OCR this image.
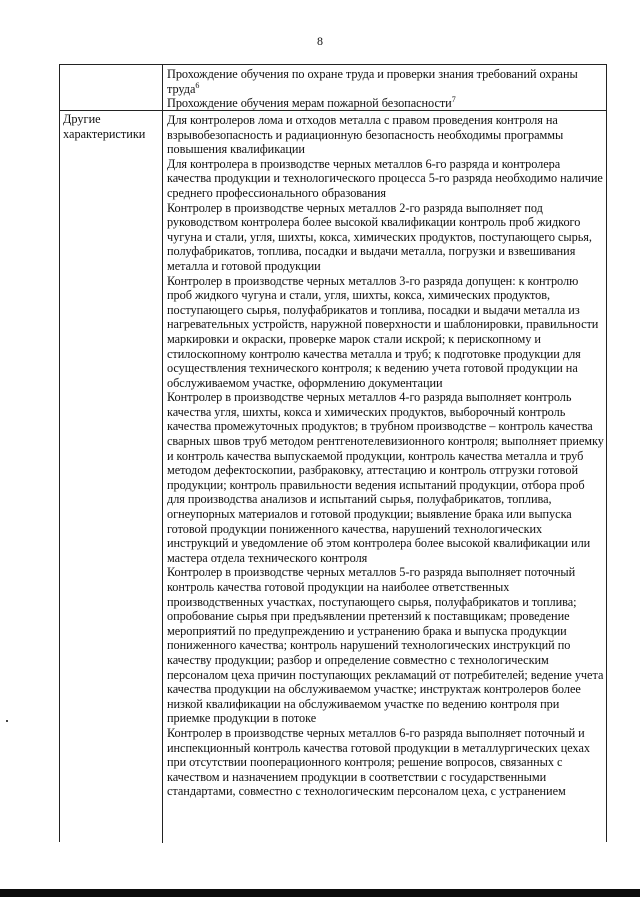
8

Прохождение обучения по охране труда и проверки знания требований охраны труда$^6$

Прохождение обучения мерам пожарной безопасности$^7$

Другие характеристики

Для контролеров лома и отходов металла с правом проведения контроля на взрывобезопасность и радиационную безопасность необходимы программы повышения квалификации

Для контролера в производстве черных металлов 6-го разряда и контролера качества продукции и технологического процесса 5-го разряда необходимо наличие среднего профессионального образования

Контролер в производстве черных металлов 2-го разряда выполняет под руководством контролера более высокой квалификации контроль проб жидкого чугуна и стали, угля, шихты, кокса, химических продуктов, поступающего сырья, полуфабрикатов, топлива, посадки и выдачи металла, погрузки и взвешивания металла и готовой продукции

Контролер в производстве черных металлов 3-го разряда допущен: к контролю проб жидкого чугуна и стали, угля, шихты, кокса, химических продуктов, поступающего сырья, полуфабрикатов и топлива, посадки и выдачи металла из нагревательных устройств, наружной поверхности и шаблонировки, правильности маркировки и окраски, проверке марок стали искрой; к перископному и стилоскопному контролю качества металла и труб; к подготовке продукции для осуществления технического контроля; к ведению учета готовой продукции на обслуживаемом участке, оформлению документации

Контролер в производстве черных металлов 4-го разряда выполняет контроль качества угля, шихты, кокса и химических продуктов, выборочный контроль качества промежуточных продуктов; в трубном производстве – контроль качества сварных швов труб методом рентгенотелевизионного контроля; выполняет приемку и контроль качества выпускаемой продукции, контроль качества металла и труб методом дефектоскопии, разбраковку, аттестацию и контроль отгрузки готовой продукции; контроль правильности ведения испытаний продукции, отбора проб для производства анализов и испытаний сырья, полуфабрикатов, топлива, огнеупорных материалов и готовой продукции; выявление брака или выпуска готовой продукции пониженного качества, нарушений технологических инструкций и уведомление об этом контролера более высокой квалификации или мастера отдела технического контроля

Контролер в производстве черных металлов 5-го разряда выполняет поточный контроль качества готовой продукции на наиболее ответственных производственных участках, поступающего сырья, полуфабрикатов и топлива; опробование сырья при предъявлении претензий к поставщикам; проведение мероприятий по предупреждению и устранению брака и выпуска продукции пониженного качества; контроль нарушений технологических инструкций по качеству продукции; разбор и определение совместно с технологическим персоналом цеха причин поступающих рекламаций от потребителей; ведение учета качества продукции на обслуживаемом участке; инструктаж контролеров более низкой квалификации на обслуживаемом участке по ведению контроля при приемке продукции в потоке

Контролер в производстве черных металлов 6-го разряда выполняет поточный и инспекционный контроль качества готовой продукции в металлургических цехах при отсутствии пооперационного контроля; решение вопросов, связанных с качеством и назначением продукции в соответствии с государственными стандартами, совместно с технологическим персоналом цеха, с устранением
